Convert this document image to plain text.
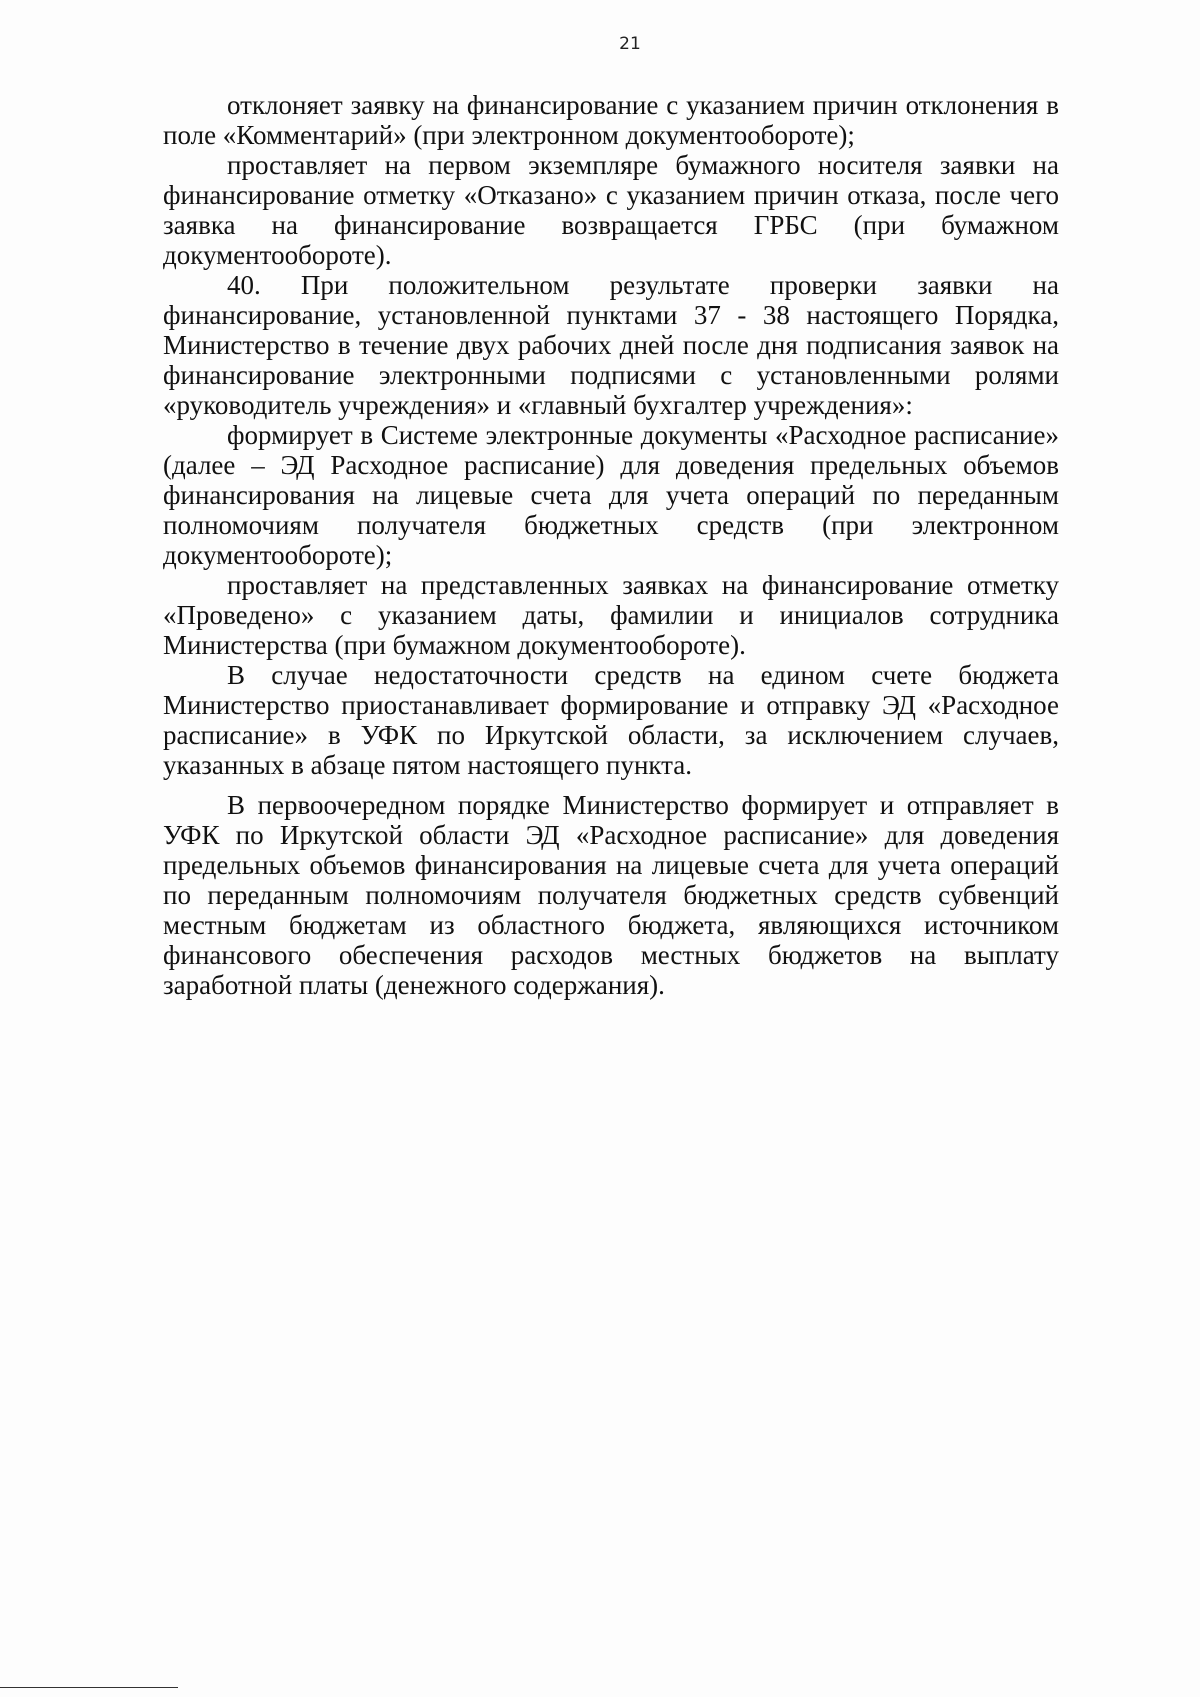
21

отклоняет заявку на финансирование с указанием причин отклонения в поле «Комментарий» (при электронном документообороте);

проставляет на первом экземпляре бумажного носителя заявки на финансирование отметку «Отказано» с указанием причин отказа, после чего заявка на финансирование возвращается ГРБС (при бумажном документообороте).

40. При положительном результате проверки заявки на финансирование, установленной пунктами 37 - 38 настоящего Порядка, Министерство в течение двух рабочих дней после дня подписания заявок на финансирование электронными подписями с установленными ролями «руководитель учреждения» и «главный бухгалтер учреждения»:

формирует в Системе электронные документы «Расходное расписание» (далее – ЭД Расходное расписание) для доведения предельных объемов финансирования на лицевые счета для учета операций по переданным полномочиям получателя бюджетных средств (при электронном документообороте);

проставляет на представленных заявках на финансирование отметку «Проведено» с указанием даты, фамилии и инициалов сотрудника Министерства (при бумажном документообороте).

В случае недостаточности средств на едином счете бюджета Министерство приостанавливает формирование и отправку ЭД «Расходное расписание» в УФК по Иркутской области, за исключением случаев, указанных в абзаце пятом настоящего пункта.

В первоочередном порядке Министерство формирует и отправляет в УФК по Иркутской области ЭД «Расходное расписание» для доведения предельных объемов финансирования на лицевые счета для учета операций по переданным полномочиям получателя бюджетных средств субвенций местным бюджетам из областного бюджета, являющихся источником финансового обеспечения расходов местных бюджетов на выплату заработной платы (денежного содержания).
